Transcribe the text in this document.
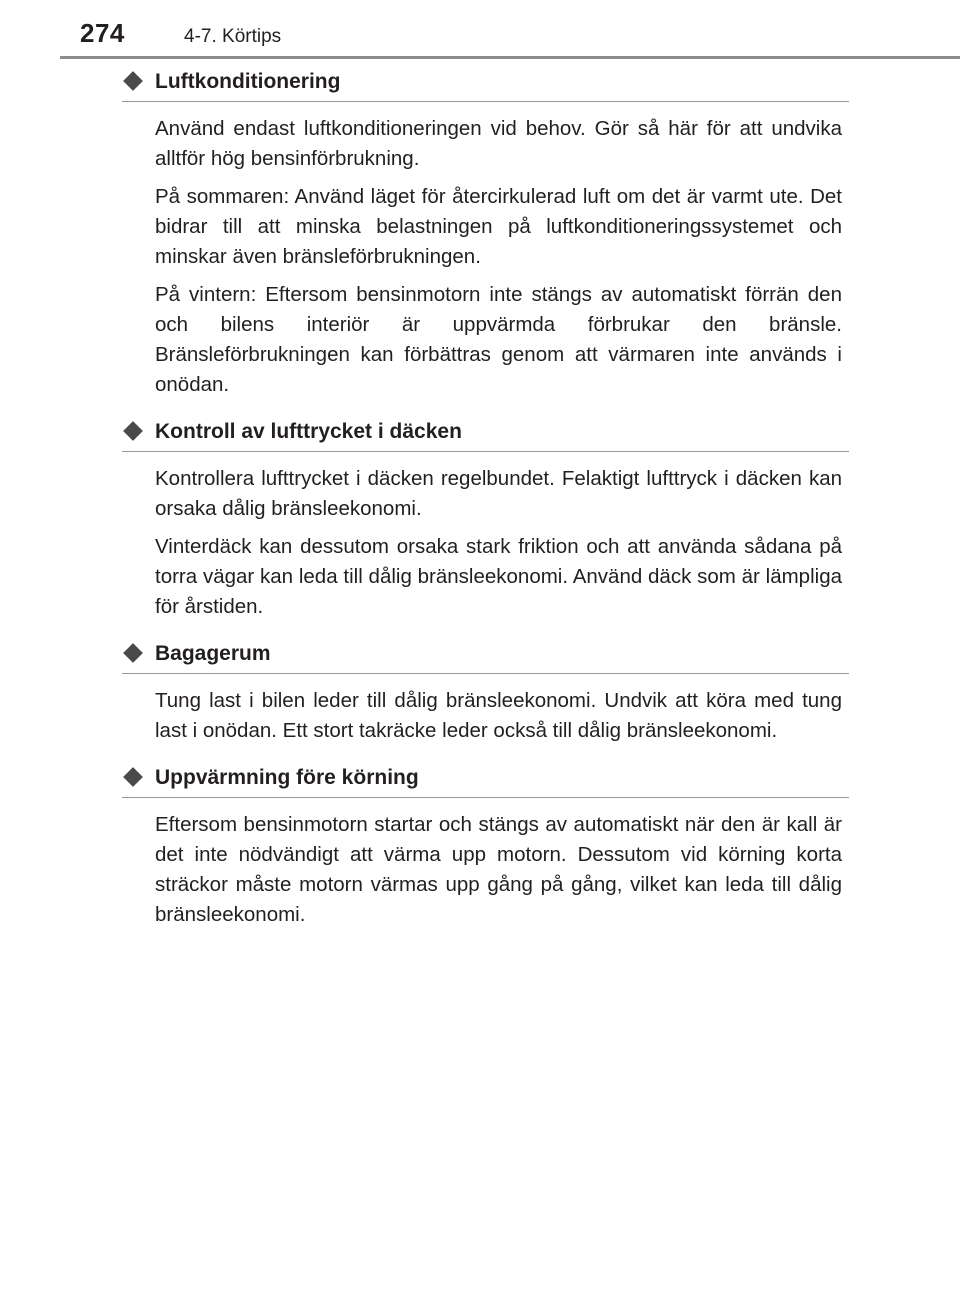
274	4-7. Körtips
Luftkonditionering

Använd endast luftkonditioneringen vid behov. Gör så här för att undvika alltför hög bensinförbrukning.

På sommaren: Använd läget för återcirkulerad luft om det är varmt ute. Det bidrar till att minska belastningen på luftkonditioneringssystemet och minskar även bränsleförbrukningen.

På vintern: Eftersom bensinmotorn inte stängs av automatiskt förrän den och bilens interiör är uppvärmda förbrukar den bränsle. Bränsleförbrukningen kan förbättras genom att värmaren inte används i onödan.

Kontroll av lufttrycket i däcken

Kontrollera lufttrycket i däcken regelbundet. Felaktigt lufttryck i däcken kan orsaka dålig bränsleekonomi.

Vinterdäck kan dessutom orsaka stark friktion och att använda sådana på torra vägar kan leda till dålig bränsleekonomi. Använd däck som är lämpliga för årstiden.

Bagagerum

Tung last i bilen leder till dålig bränsleekonomi. Undvik att köra med tung last i onödan. Ett stort takräcke leder också till dålig bränsleekonomi.

Uppvärmning före körning

Eftersom bensinmotorn startar och stängs av automatiskt när den är kall är det inte nödvändigt att värma upp motorn. Dessutom vid körning korta sträckor måste motorn värmas upp gång på gång, vilket kan leda till dålig bränsleekonomi.
